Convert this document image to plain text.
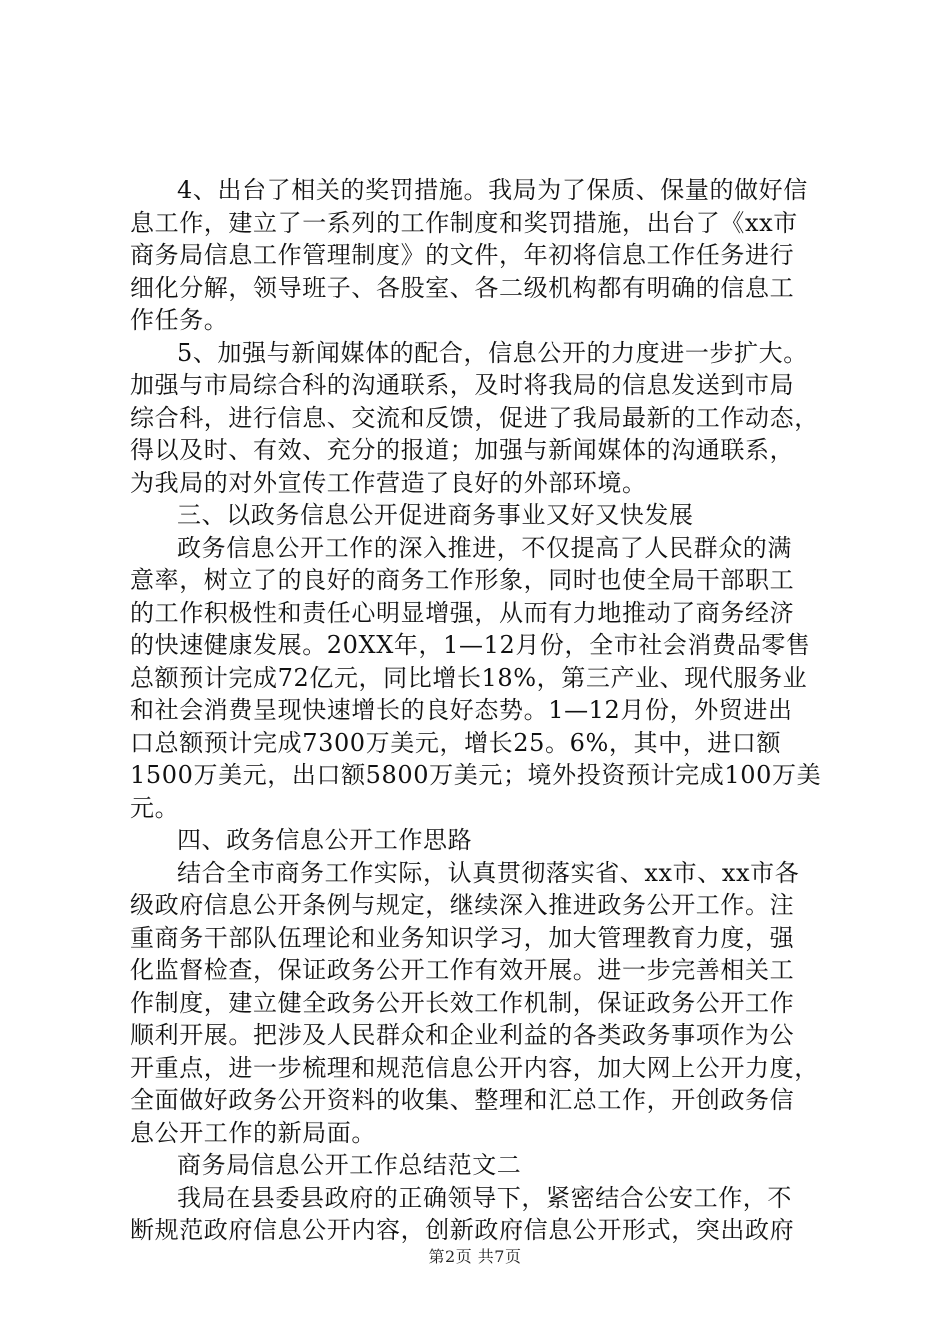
4、出台了相关的奖罚措施。我局为了保质、保量的做好信
息工作，建立了一系列的工作制度和奖罚措施，出台了《xx市
商务局信息工作管理制度》的文件，年初将信息工作任务进行
细化分解，领导班子、各股室、各二级机构都有明确的信息工
作任务。
5、加强与新闻媒体的配合，信息公开的力度进一步扩大。
加强与市局综合科的沟通联系，及时将我局的信息发送到市局
综合科，进行信息、交流和反馈，促进了我局最新的工作动态，
得以及时、有效、充分的报道；加强与新闻媒体的沟通联系，
为我局的对外宣传工作营造了良好的外部环境。
三、以政务信息公开促进商务事业又好又快发展
政务信息公开工作的深入推进，不仅提高了人民群众的满
意率，树立了的良好的商务工作形象，同时也使全局干部职工
的工作积极性和责任心明显增强，从而有力地推动了商务经济
的快速健康发展。20XX年，1—12月份，全市社会消费品零售
总额预计完成72亿元，同比增长18%，第三产业、现代服务业
和社会消费呈现快速增长的良好态势。1—12月份，外贸进出
口总额预计完成7300万美元，增长25。6%，其中，进口额
1500万美元，出口额5800万美元；境外投资预计完成100万美
元。
四、政务信息公开工作思路
结合全市商务工作实际，认真贯彻落实省、xx市、xx市各
级政府信息公开条例与规定，继续深入推进政务公开工作。注
重商务干部队伍理论和业务知识学习，加大管理教育力度，强
化监督检查，保证政务公开工作有效开展。进一步完善相关工
作制度，建立健全政务公开长效工作机制，保证政务公开工作
顺利开展。把涉及人民群众和企业利益的各类政务事项作为公
开重点，进一步梳理和规范信息公开内容，加大网上公开力度，
全面做好政务公开资料的收集、整理和汇总工作，开创政务信
息公开工作的新局面。
商务局信息公开工作总结范文二
我局在县委县政府的正确领导下，紧密结合公安工作，不
断规范政府信息公开内容，创新政府信息公开形式，突出政府
第2页 共7页
